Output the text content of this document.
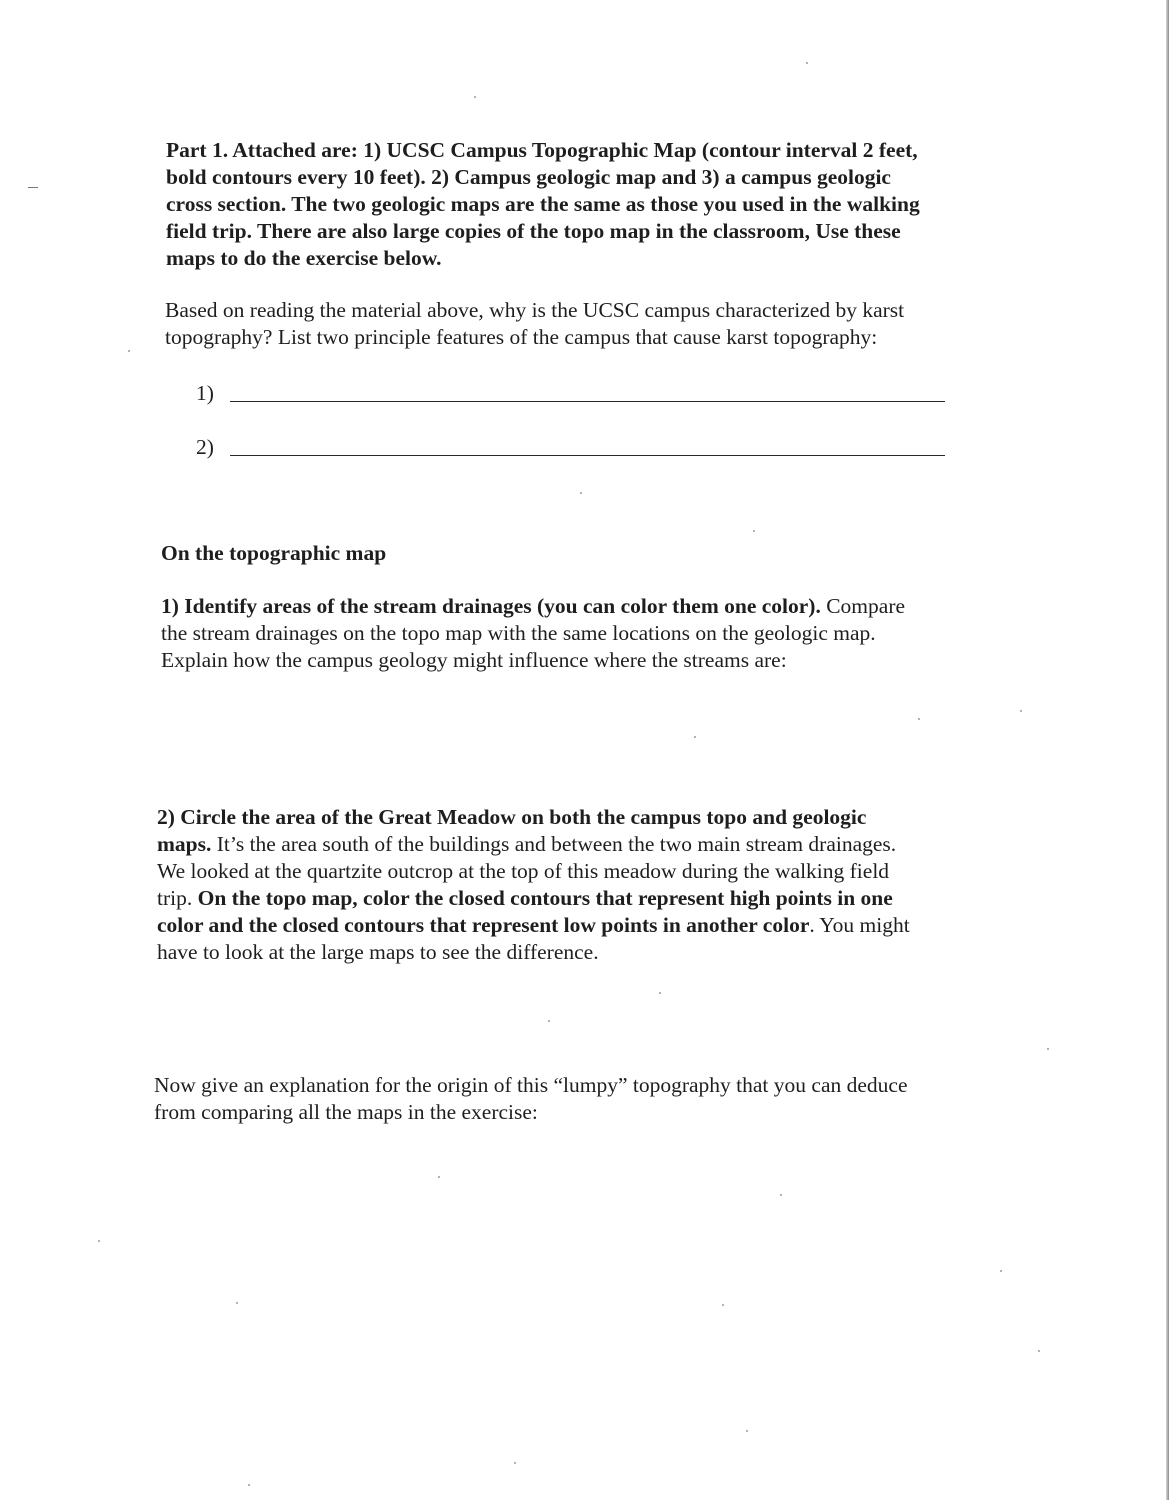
Part 1. Attached are: 1) UCSC Campus Topographic Map (contour interval 2 feet,
bold contours every 10 feet). 2) Campus geologic map and 3) a campus geologic
cross section. The two geologic maps are the same as those you used in the walking
field trip. There are also large copies of the topo map in the classroom, Use these
maps to do the exercise below.
Based on reading the material above, why is the UCSC campus characterized by karst
topography? List two principle features of the campus that cause karst topography:
1)
2)
On the topographic map
1) Identify areas of the stream drainages (you can color them one color). Compare
the stream drainages on the topo map with the same locations on the geologic map.
Explain how the campus geology might influence where the streams are:
2) Circle the area of the Great Meadow on both the campus topo and geologic
maps. It’s the area south of the buildings and between the two main stream drainages.
We looked at the quartzite outcrop at the top of this meadow during the walking field
trip. On the topo map, color the closed contours that represent high points in one
color and the closed contours that represent low points in another color. You might
have to look at the large maps to see the difference.
Now give an explanation for the origin of this “lumpy” topography that you can deduce
from comparing all the maps in the exercise:
